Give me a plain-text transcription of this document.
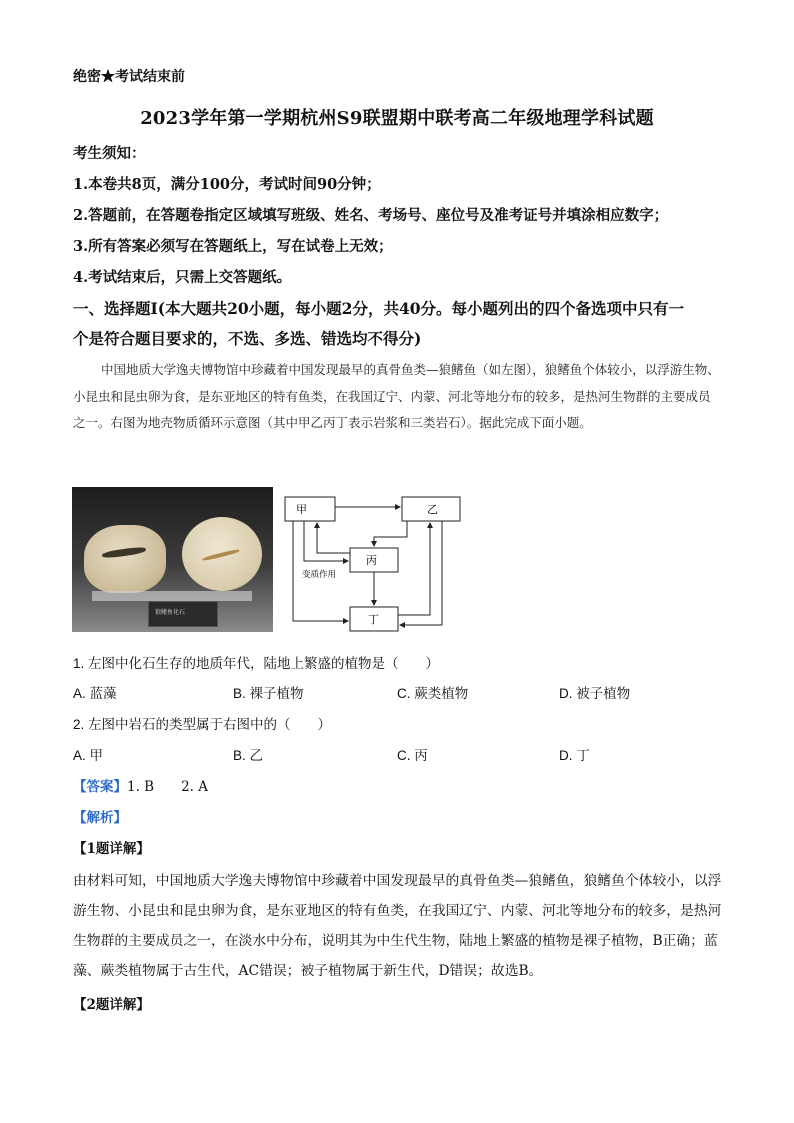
绝密★考试结束前
2023学年第一学期杭州S9联盟期中联考高二年级地理学科试题
考生须知：
1.本卷共8页，满分100分，考试时间90分钟；
2.答题前，在答题卷指定区域填写班级、姓名、考场号、座位号及准考证号并填涂相应数字；
3.所有答案必须写在答题纸上，写在试卷上无效；
4.考试结束后，只需上交答题纸。
一、选择题Ⅰ(本大题共20小题，每小题2分，共40分。每小题列出的四个备选项中只有一
个是符合题目要求的，不选、多选、错选均不得分)
中国地质大学逸夫博物馆中珍藏着中国发现最早的真骨鱼类—狼鳍鱼（如左图），狼鳍鱼个体较小，以浮游生物、小昆虫和昆虫卵为食，是东亚地区的特有鱼类，在我国辽宁、内蒙、河北等地分布的较多，是热河生物群的主要成员之一。右图为地壳物质循环示意图（其中甲乙丙丁表示岩浆和三类岩石）。据此完成下面小题。
狼鳍鱼化石
甲	乙
丙
丁
变质作用
1. 左图中化石生存的地质年代，陆地上繁盛的植物是（　　）
A. 蓝藻	B. 裸子植物	C. 蕨类植物	D. 被子植物
2. 左图中岩石的类型属于右图中的（　　）
A. 甲	B. 乙	C. 丙	D. 丁
【答案】1. B　　2. A
【解析】
【1题详解】
由材料可知，中国地质大学逸夫博物馆中珍藏着中国发现最早的真骨鱼类—狼鳍鱼，狼鳍鱼个体较小，以浮游生物、小昆虫和昆虫卵为食，是东亚地区的特有鱼类，在我国辽宁、内蒙、河北等地分布的较多，是热河生物群的主要成员之一，在淡水中分布，说明其为中生代生物，陆地上繁盛的植物是裸子植物，B正确；蓝藻、蕨类植物属于古生代，AC错误；被子植物属于新生代，D错误；故选B。
【2题详解】
